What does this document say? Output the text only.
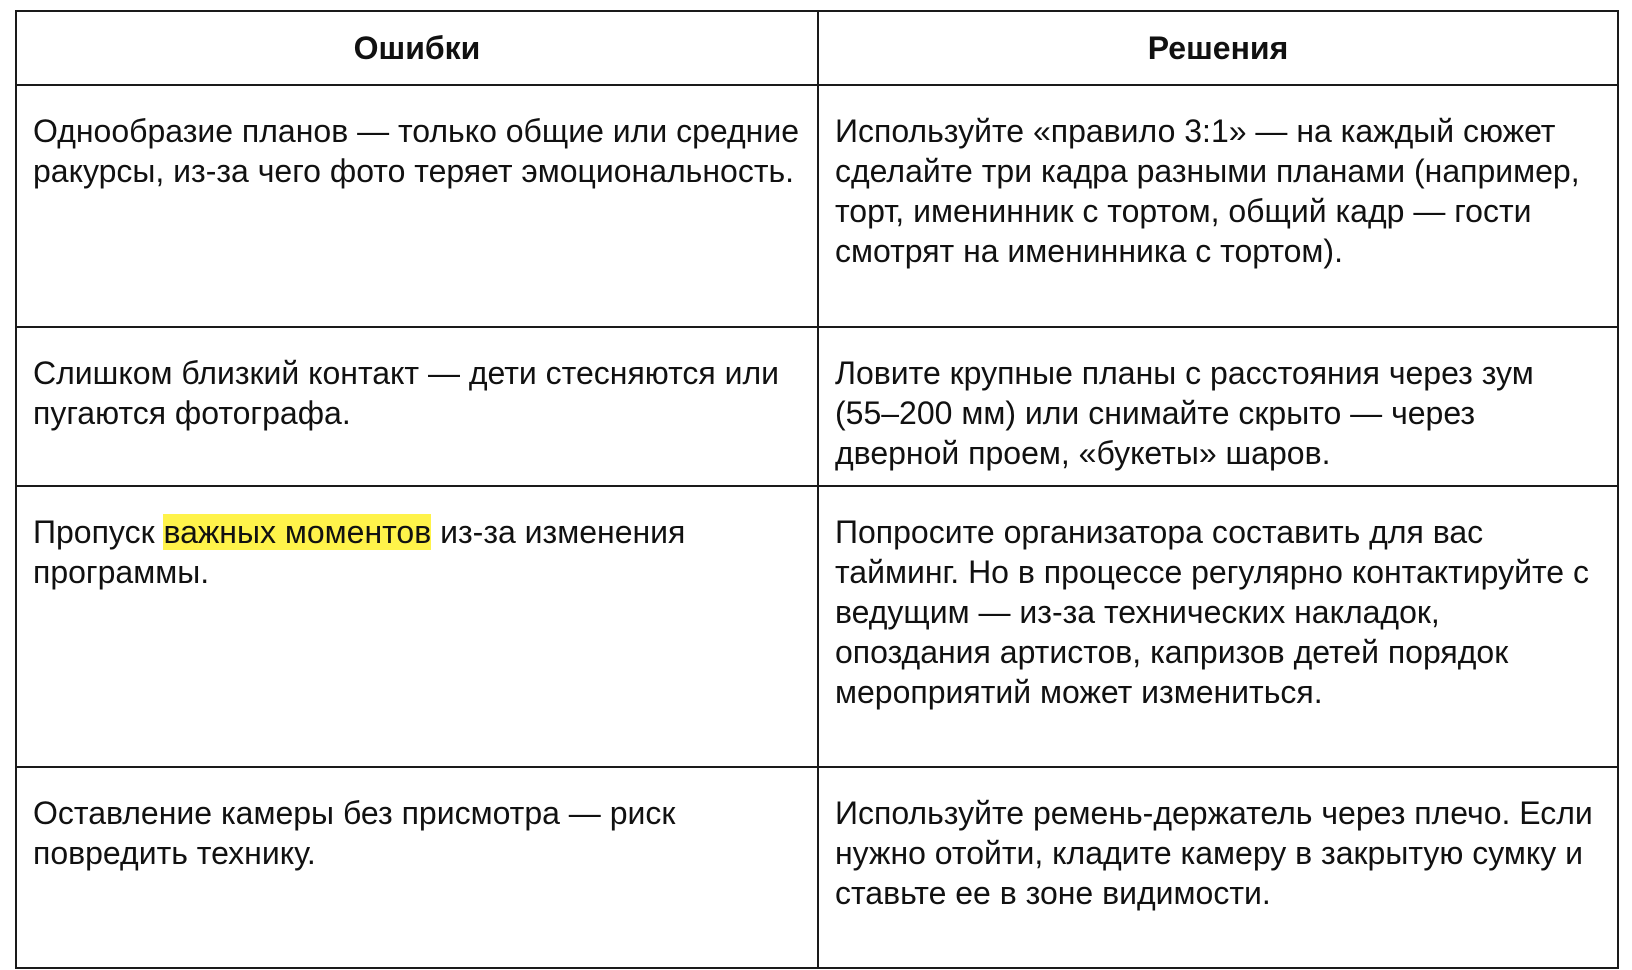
Ошибки	Решения
Однообразие планов — только общие или средние ракурсы, из-за чего фото теряет эмоциональность.	Используйте «правило 3:1» — на каждый сюжет сделайте три кадра разными планами (например, торт, именинник с тортом, общий кадр — гости смотрят на именинника с тортом).
Слишком близкий контакт — дети стесняются или пугаются фотографа.	Ловите крупные планы с расстояния через зум (55–200 мм) или снимайте скрыто — через дверной проем, «букеты» шаров.
Пропуск важных моментов из-за изменения программы.	Попросите организатора составить для вас тайминг. Но в процессе регулярно контактируйте с ведущим — из-за технических накладок, опоздания артистов, капризов детей порядок мероприятий может измениться.
Оставление камеры без присмотра — риск повредить технику.	Используйте ремень-держатель через плечо. Если нужно отойти, кладите камеру в закрытую сумку и ставьте ее в зоне видимости.
